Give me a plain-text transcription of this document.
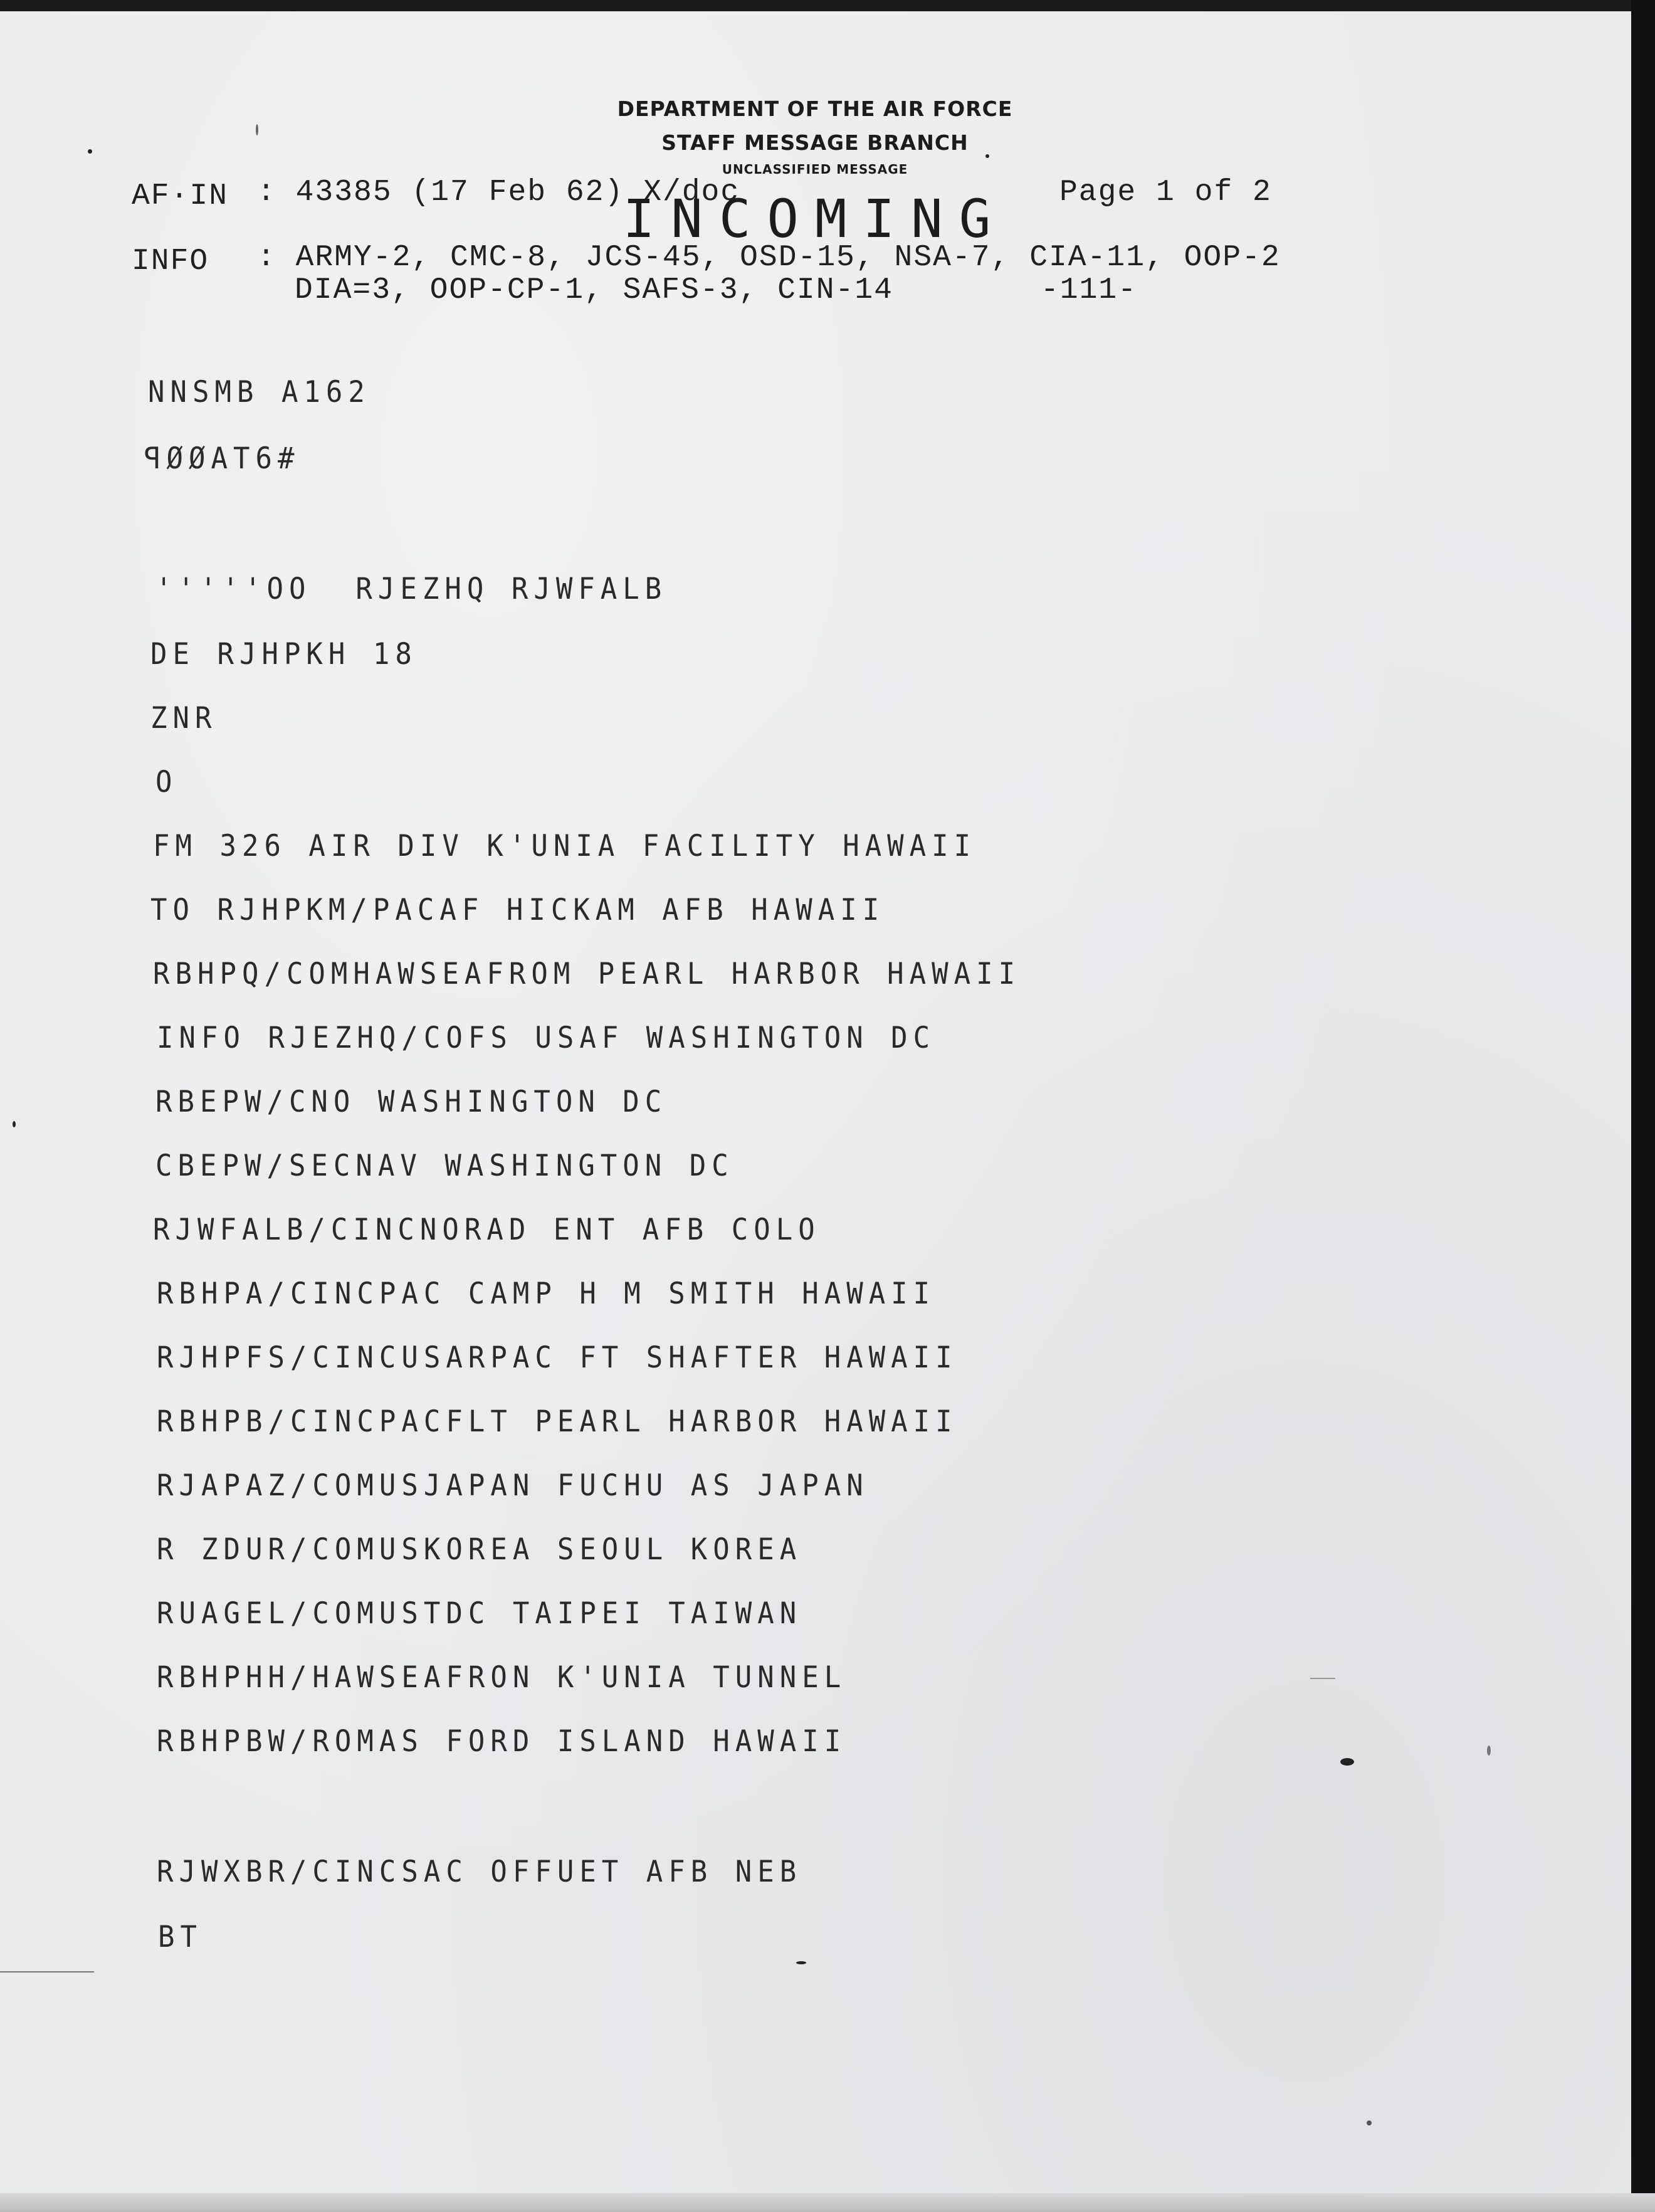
DEPARTMENT OF THE AIR FORCE
STAFF MESSAGE BRANCH
UNCLASSIFIED MESSAGE
INCOMING
AF·IN : 43385 (17 Feb 62) X/doc	Page 1 of 2
INFO : ARMY-2, CMC-8, JCS-45, OSD-15, NSA-7, CIA-11, OOP-2
DIA=3, OOP-CP-1, SAFS-3, CIN-14	-111-
NNSMB A162
ꟼØØAT6#
'''''OO  RJEZHQ RJWFALB
DE RJHPKH 18
ZNR
O
FM 326 AIR DIV K'UNIA FACILITY HAWAII
TO RJHPKM/PACAF HICKAM AFB HAWAII
RBHPQ/COMHAWSEAFROM PEARL HARBOR HAWAII
INFO RJEZHQ/COFS USAF WASHINGTON DC
RBEPW/CNO WASHINGTON DC
CBEPW/SECNAV WASHINGTON DC
RJWFALB/CINCNORAD ENT AFB COLO
RBHPA/CINCPAC CAMP H M SMITH HAWAII
RJHPFS/CINCUSARPAC FT SHAFTER HAWAII
RBHPB/CINCPACFLT PEARL HARBOR HAWAII
RJAPAZ/COMUSJAPAN FUCHU AS JAPAN
R ZDUR/COMUSKOREA SEOUL KOREA
RUAGEL/COMUSTDC TAIPEI TAIWAN
RBHPHH/HAWSEAFRON K'UNIA TUNNEL
RBHPBW/ROMAS FORD ISLAND HAWAII
RJWXBR/CINCSAC OFFUET AFB NEB
BT
